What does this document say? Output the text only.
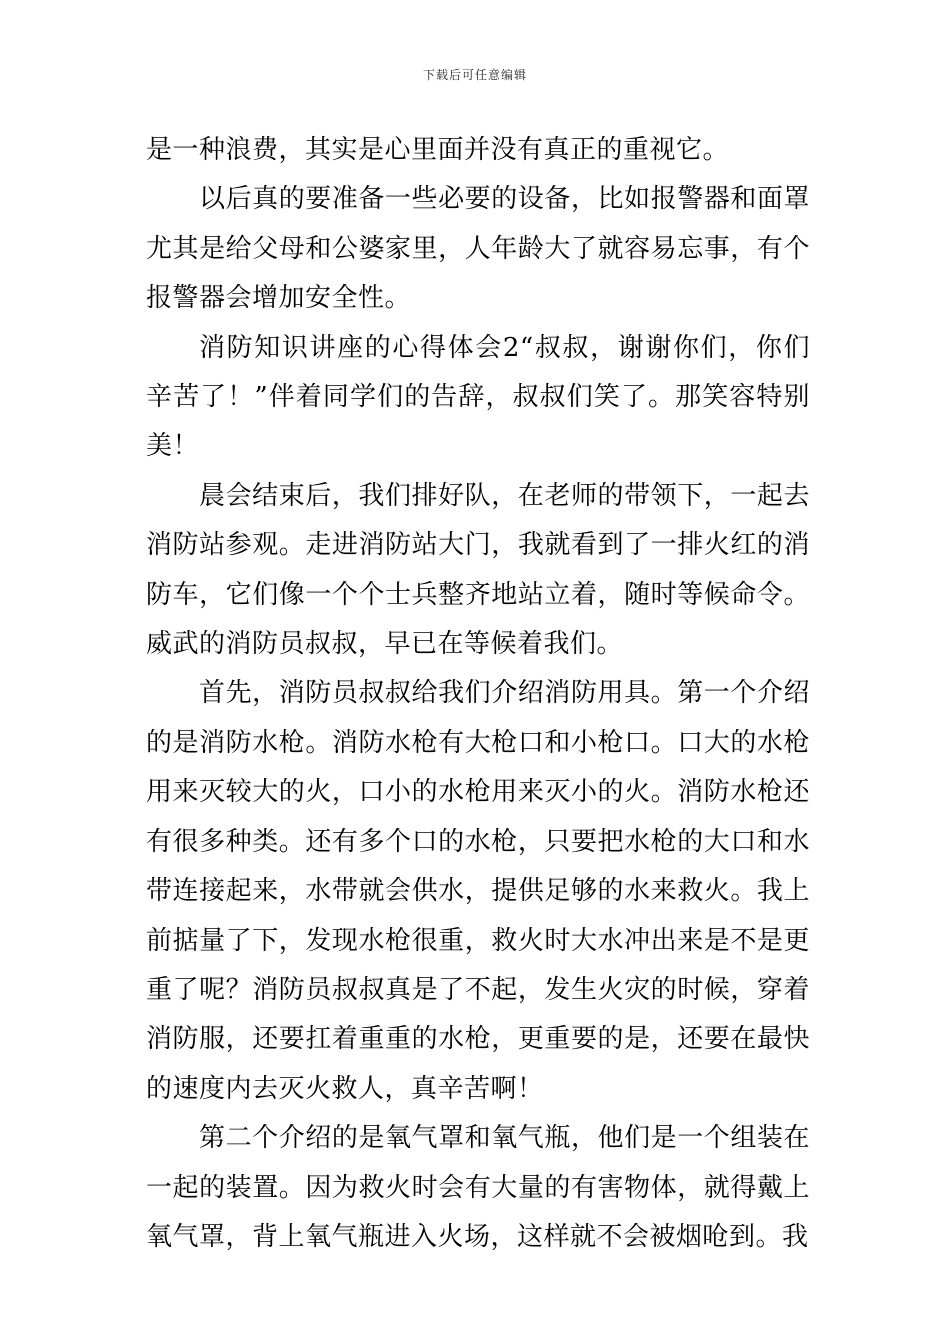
下载后可任意编辑

是一种浪费，其实是心里面并没有真正的重视它。

以后真的要准备一些必要的设备，比如报警器和面罩尤其是给父母和公婆家里，人年龄大了就容易忘事，有个报警器会增加安全性。

消防知识讲座的心得体会2“叔叔，谢谢你们，你们辛苦了！”伴着同学们的告辞，叔叔们笑了。那笑容特别美！

晨会结束后，我们排好队，在老师的带领下，一起去消防站参观。走进消防站大门，我就看到了一排火红的消防车，它们像一个个士兵整齐地站立着，随时等候命令。威武的消防员叔叔，早已在等候着我们。

首先，消防员叔叔给我们介绍消防用具。第一个介绍的是消防水枪。消防水枪有大枪口和小枪口。口大的水枪用来灭较大的火，口小的水枪用来灭小的火。消防水枪还有很多种类。还有多个口的水枪，只要把水枪的大口和水带连接起来，水带就会供水，提供足够的水来救火。我上前掂量了下，发现水枪很重，救火时大水冲出来是不是更重了呢？消防员叔叔真是了不起，发生火灾的时候，穿着消防服，还要扛着重重的水枪，更重要的是，还要在最快的速度内去灭火救人，真辛苦啊！

第二个介绍的是氧气罩和氧气瓶，他们是一个组装在一起的装置。因为救火时会有大量的有害物体，就得戴上氧气罩，背上氧气瓶进入火场，这样就不会被烟呛到。我
